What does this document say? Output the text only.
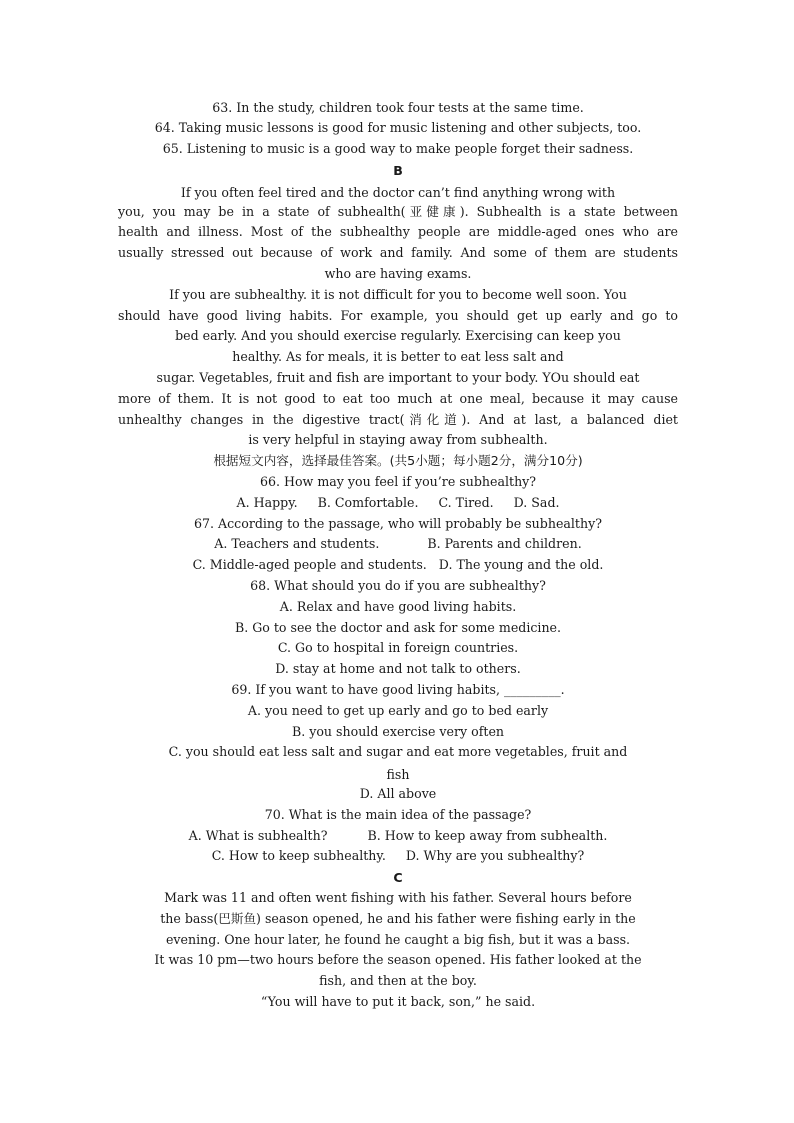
63. In the study, children took four tests at the same time.
64. Taking music lessons is good for music listening and other subjects, too.
65. Listening to music is a good way to make people forget their sadness.
B
If you often feel tired and the doctor can’t find anything wrong with
you, you may be in a state of subhealth(亚健康). Subhealth is a state between
health and illness. Most of the subhealthy people are middle-aged ones who are
usually stressed out because of work and family. And some of them are students
who are having exams.
If you are subhealthy. it is not difficult for you to become well soon. You
should have good living habits. For example, you should get up early and go to
bed early. And you should exercise regularly. Exercising can keep you
healthy. As for meals, it is better to eat less salt and
sugar. Vegetables, fruit and fish are important to your body. YOu should eat
more of them. It is not good to eat too much at one meal, because it may cause
unhealthy changes in the digestive tract(消化道). And at last, a balanced diet
is very helpful in staying away from subhealth.
根据短文内容，选择最佳答案。(共5小题；每小题2分，满分10分)
66. How may you feel if you’re subhealthy?
A. Happy.     B. Comfortable.     C. Tired.     D. Sad.
67. According to the passage, who will probably be subhealthy?
A. Teachers and students.            B. Parents and children.
C. Middle-aged people and students.   D. The young and the old.
68. What should you do if you are subhealthy?
A. Relax and have good living habits.
B. Go to see the doctor and ask for some medicine.
C. Go to hospital in foreign countries.
D. stay at home and not talk to others.
69. If you want to have good living habits, _________.
A. you need to get up early and go to bed early
B. you should exercise very often
C. you should eat less salt and sugar and eat more vegetables, fruit and
fish
D. All above
70. What is the main idea of the passage?
A. What is subhealth?          B. How to keep away from subhealth.
C. How to keep subhealthy.     D. Why are you subhealthy?
C
Mark was 11 and often went fishing with his father. Several hours before
the bass(巴斯鱼) season opened, he and his father were fishing early in the
evening. One hour later, he found he caught a big fish, but it was a bass.
It was 10 pm—two hours before the season opened. His father looked at the
fish, and then at the boy.
“You will have to put it back, son,” he said.
